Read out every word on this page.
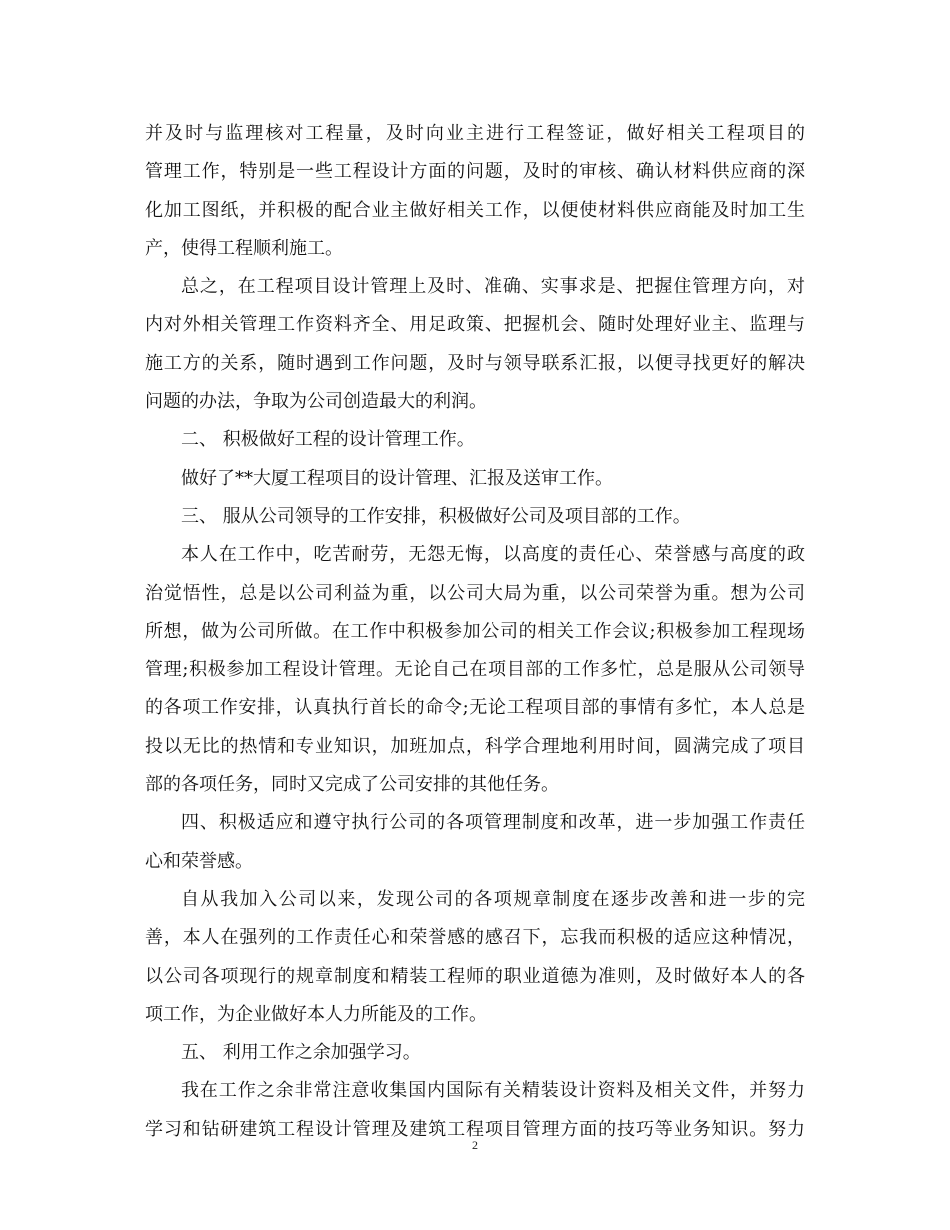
并及时与监理核对工程量，及时向业主进行工程签证，做好相关工程项目的
管理工作，特别是一些工程设计方面的问题，及时的审核、确认材料供应商的深
化加工图纸，并积极的配合业主做好相关工作，以便使材料供应商能及时加工生
产，使得工程顺利施工。
总之，在工程项目设计管理上及时、准确、实事求是、把握住管理方向，对
内对外相关管理工作资料齐全、用足政策、把握机会、随时处理好业主、监理与
施工方的关系，随时遇到工作问题，及时与领导联系汇报，以便寻找更好的解决
问题的办法，争取为公司创造最大的利润。
二、 积极做好工程的设计管理工作。
做好了**大厦工程项目的设计管理、汇报及送审工作。
三、 服从公司领导的工作安排，积极做好公司及项目部的工作。
本人在工作中，吃苦耐劳，无怨无悔，以高度的责任心、荣誉感与高度的政
治觉悟性，总是以公司利益为重，以公司大局为重，以公司荣誉为重。想为公司
所想，做为公司所做。在工作中积极参加公司的相关工作会议;积极参加工程现场
管理;积极参加工程设计管理。无论自己在项目部的工作多忙，总是服从公司领导
的各项工作安排，认真执行首长的命令;无论工程项目部的事情有多忙，本人总是
投以无比的热情和专业知识，加班加点，科学合理地利用时间，圆满完成了项目
部的各项任务，同时又完成了公司安排的其他任务。
四、积极适应和遵守执行公司的各项管理制度和改革，进一步加强工作责任
心和荣誉感。
自从我加入公司以来，发现公司的各项规章制度在逐步改善和进一步的完
善，本人在强列的工作责任心和荣誉感的感召下，忘我而积极的适应这种情况，
以公司各项现行的规章制度和精装工程师的职业道德为准则，及时做好本人的各
项工作，为企业做好本人力所能及的工作。
五、 利用工作之余加强学习。
我在工作之余非常注意收集国内国际有关精装设计资料及相关文件，并努力
学习和钻研建筑工程设计管理及建筑工程项目管理方面的技巧等业务知识。努力
2
